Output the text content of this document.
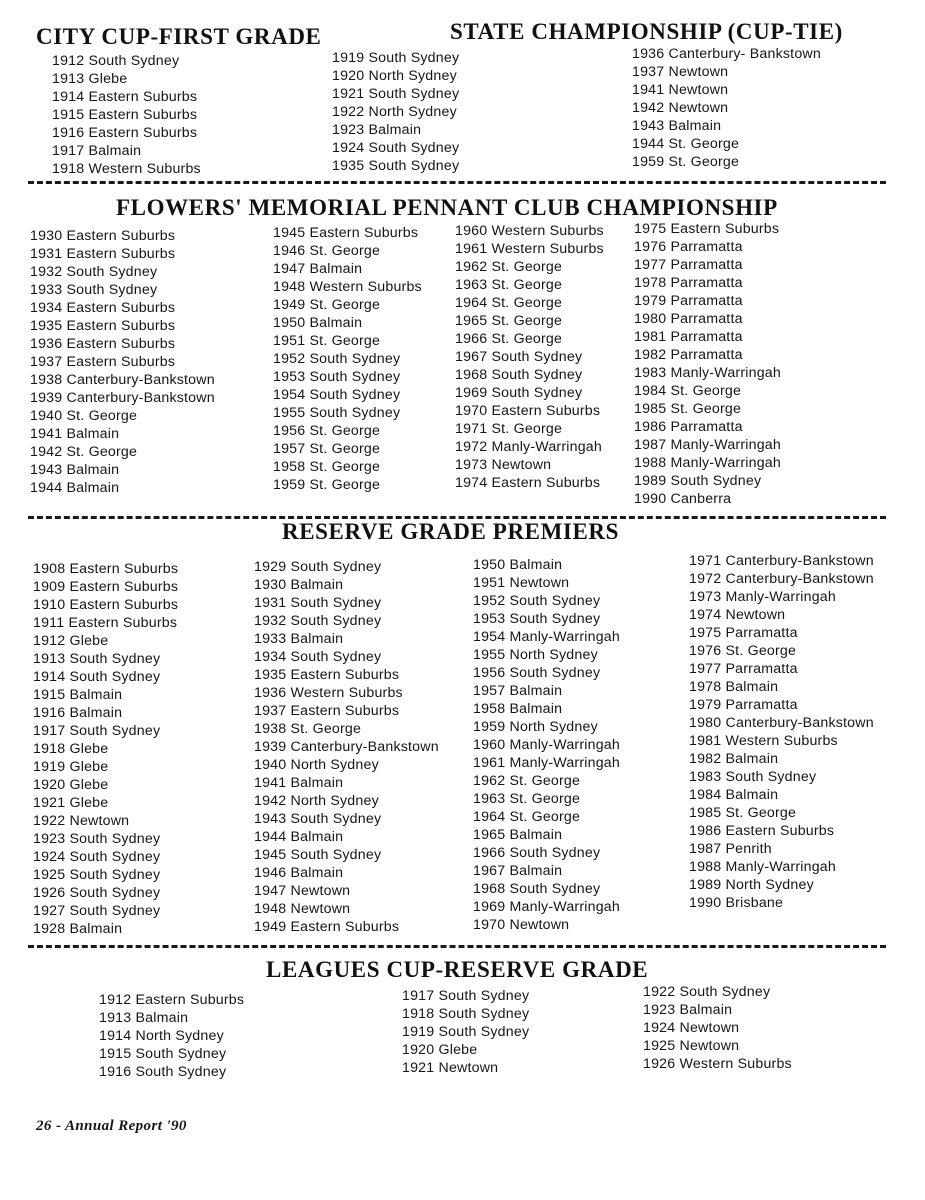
CITY CUP-FIRST GRADE	STATE CHAMPIONSHIP (CUP-TIE)
FLOWERS' MEMORIAL PENNANT CLUB CHAMPIONSHIP
RESERVE GRADE PREMIERS
LEAGUES CUP-RESERVE GRADE
1912 South Sydney
1913 Glebe
1914 Eastern Suburbs
1915 Eastern Suburbs
1916 Eastern Suburbs
1917 Balmain
1918 Western Suburbs
1919 South Sydney
1920 North Sydney
1921 South Sydney
1922 North Sydney
1923 Balmain
1924 South Sydney
1935 South Sydney
1936 Canterbury- Bankstown
1937 Newtown
1941 Newtown
1942 Newtown
1943 Balmain
1944 St. George
1959 St. George
1930 Eastern Suburbs
1931 Eastern Suburbs
1932 South Sydney
1933 South Sydney
1934 Eastern Suburbs
1935 Eastern Suburbs
1936 Eastern Suburbs
1937 Eastern Suburbs
1938 Canterbury-Bankstown
1939 Canterbury-Bankstown
1940 St. George
1941 Balmain
1942 St. George
1943 Balmain
1944 Balmain
1945 Eastern Suburbs
1946 St. George
1947 Balmain
1948 Western Suburbs
1949 St. George
1950 Balmain
1951 St. George
1952 South Sydney
1953 South Sydney
1954 South Sydney
1955 South Sydney
1956 St. George
1957 St. George
1958 St. George
1959 St. George
1960 Western Suburbs
1961 Western Suburbs
1962 St. George
1963 St. George
1964 St. George
1965 St. George
1966 St. George
1967 South Sydney
1968 South Sydney
1969 South Sydney
1970 Eastern Suburbs
1971 St. George
1972 Manly-Warringah
1973 Newtown
1974 Eastern Suburbs
1975 Eastern Suburbs
1976 Parramatta
1977 Parramatta
1978 Parramatta
1979 Parramatta
1980 Parramatta
1981 Parramatta
1982 Parramatta
1983 Manly-Warringah
1984 St. George
1985 St. George
1986 Parramatta
1987 Manly-Warringah
1988 Manly-Warringah
1989 South Sydney
1990 Canberra
1908 Eastern Suburbs
1909 Eastern Suburbs
1910 Eastern Suburbs
1911 Eastern Suburbs
1912 Glebe
1913 South Sydney
1914 South Sydney
1915 Balmain
1916 Balmain
1917 South Sydney
1918 Glebe
1919 Glebe
1920 Glebe
1921 Glebe
1922 Newtown
1923 South Sydney
1924 South Sydney
1925 South Sydney
1926 South Sydney
1927 South Sydney
1928 Balmain
1929 South Sydney
1930 Balmain
1931 South Sydney
1932 South Sydney
1933 Balmain
1934 South Sydney
1935 Eastern Suburbs
1936 Western Suburbs
1937 Eastern Suburbs
1938 St. George
1939 Canterbury-Bankstown
1940 North Sydney
1941 Balmain
1942 North Sydney
1943 South Sydney
1944 Balmain
1945 South Sydney
1946 Balmain
1947 Newtown
1948 Newtown
1949 Eastern Suburbs
1950 Balmain
1951 Newtown
1952 South Sydney
1953 South Sydney
1954 Manly-Warringah
1955 North Sydney
1956 South Sydney
1957 Balmain
1958 Balmain
1959 North Sydney
1960 Manly-Warringah
1961 Manly-Warringah
1962 St. George
1963 St. George
1964 St. George
1965 Balmain
1966 South Sydney
1967 Balmain
1968 South Sydney
1969 Manly-Warringah
1970 Newtown
1971 Canterbury-Bankstown
1972 Canterbury-Bankstown
1973 Manly-Warringah
1974 Newtown
1975 Parramatta
1976 St. George
1977 Parramatta
1978 Balmain
1979 Parramatta
1980 Canterbury-Bankstown
1981 Western Suburbs
1982 Balmain
1983 South Sydney
1984 Balmain
1985 St. George
1986 Eastern Suburbs
1987 Penrith
1988 Manly-Warringah
1989 North Sydney
1990 Brisbane
1912 Eastern Suburbs
1913 Balmain
1914 North Sydney
1915 South Sydney
1916 South Sydney
1917 South Sydney
1918 South Sydney
1919 South Sydney
1920 Glebe
1921 Newtown
1922 South Sydney
1923 Balmain
1924 Newtown
1925 Newtown
1926 Western Suburbs

26 - Annual Report '90
